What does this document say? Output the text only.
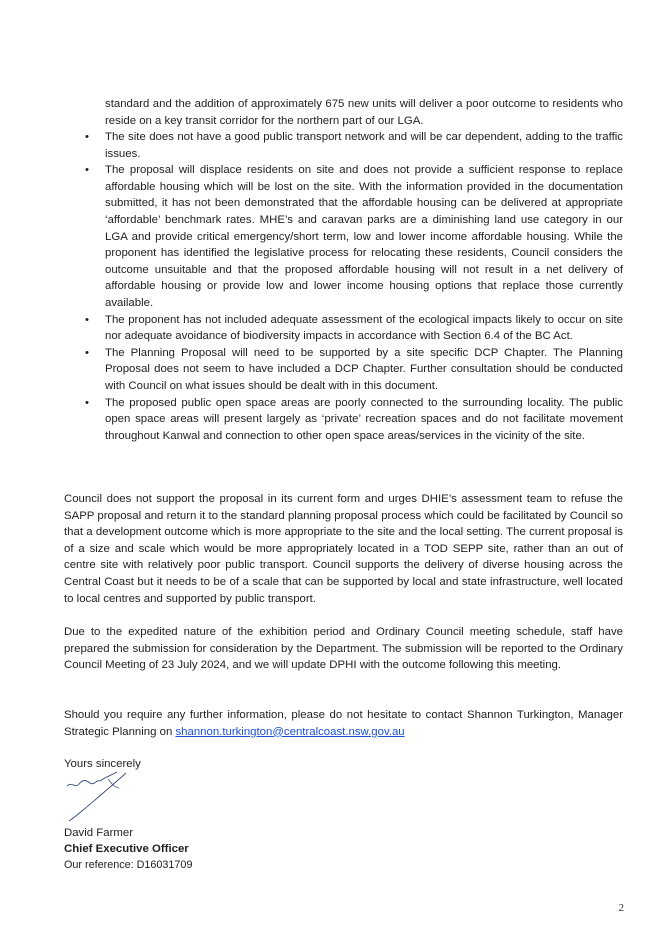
standard and the addition of approximately 675 new units will deliver a poor outcome to residents who reside on a key transit corridor for the northern part of our LGA.

• The site does not have a good public transport network and will be car dependent, adding to the traffic issues.
• The proposal will displace residents on site and does not provide a sufficient response to replace affordable housing which will be lost on the site. With the information provided in the documentation submitted, it has not been demonstrated that the affordable housing can be delivered at appropriate ‘affordable’ benchmark rates. MHE’s and caravan parks are a diminishing land use category in our LGA and provide critical emergency/short term, low and lower income affordable housing. While the proponent has identified the legislative process for relocating these residents, Council considers the outcome unsuitable and that the proposed affordable housing will not result in a net delivery of affordable housing or provide low and lower income housing options that replace those currently available.
• The proponent has not included adequate assessment of the ecological impacts likely to occur on site nor adequate avoidance of biodiversity impacts in accordance with Section 6.4 of the BC Act.
• The Planning Proposal will need to be supported by a site specific DCP Chapter. The Planning Proposal does not seem to have included a DCP Chapter. Further consultation should be conducted with Council on what issues should be dealt with in this document.
• The proposed public open space areas are poorly connected to the surrounding locality. The public open space areas will present largely as ‘private’ recreation spaces and do not facilitate movement throughout Kanwal and connection to other open space areas/services in the vicinity of the site.

Council does not support the proposal in its current form and urges DHIE’s assessment team to refuse the SAPP proposal and return it to the standard planning proposal process which could be facilitated by Council so that a development outcome which is more appropriate to the site and the local setting. The current proposal is of a size and scale which would be more appropriately located in a TOD SEPP site, rather than an out of centre site with relatively poor public transport. Council supports the delivery of diverse housing across the Central Coast but it needs to be of a scale that can be supported by local and state infrastructure, well located to local centres and supported by public transport.

Due to the expedited nature of the exhibition period and Ordinary Council meeting schedule, staff have prepared the submission for consideration by the Department. The submission will be reported to the Ordinary Council Meeting of 23 July 2024, and we will update DPHI with the outcome following this meeting.

Should you require any further information, please do not hesitate to contact Shannon Turkington, Manager Strategic Planning on shannon.turkington@centralcoast.nsw.gov.au

Yours sincerely

David Farmer

Chief Executive Officer

Our reference: D16031709

2
